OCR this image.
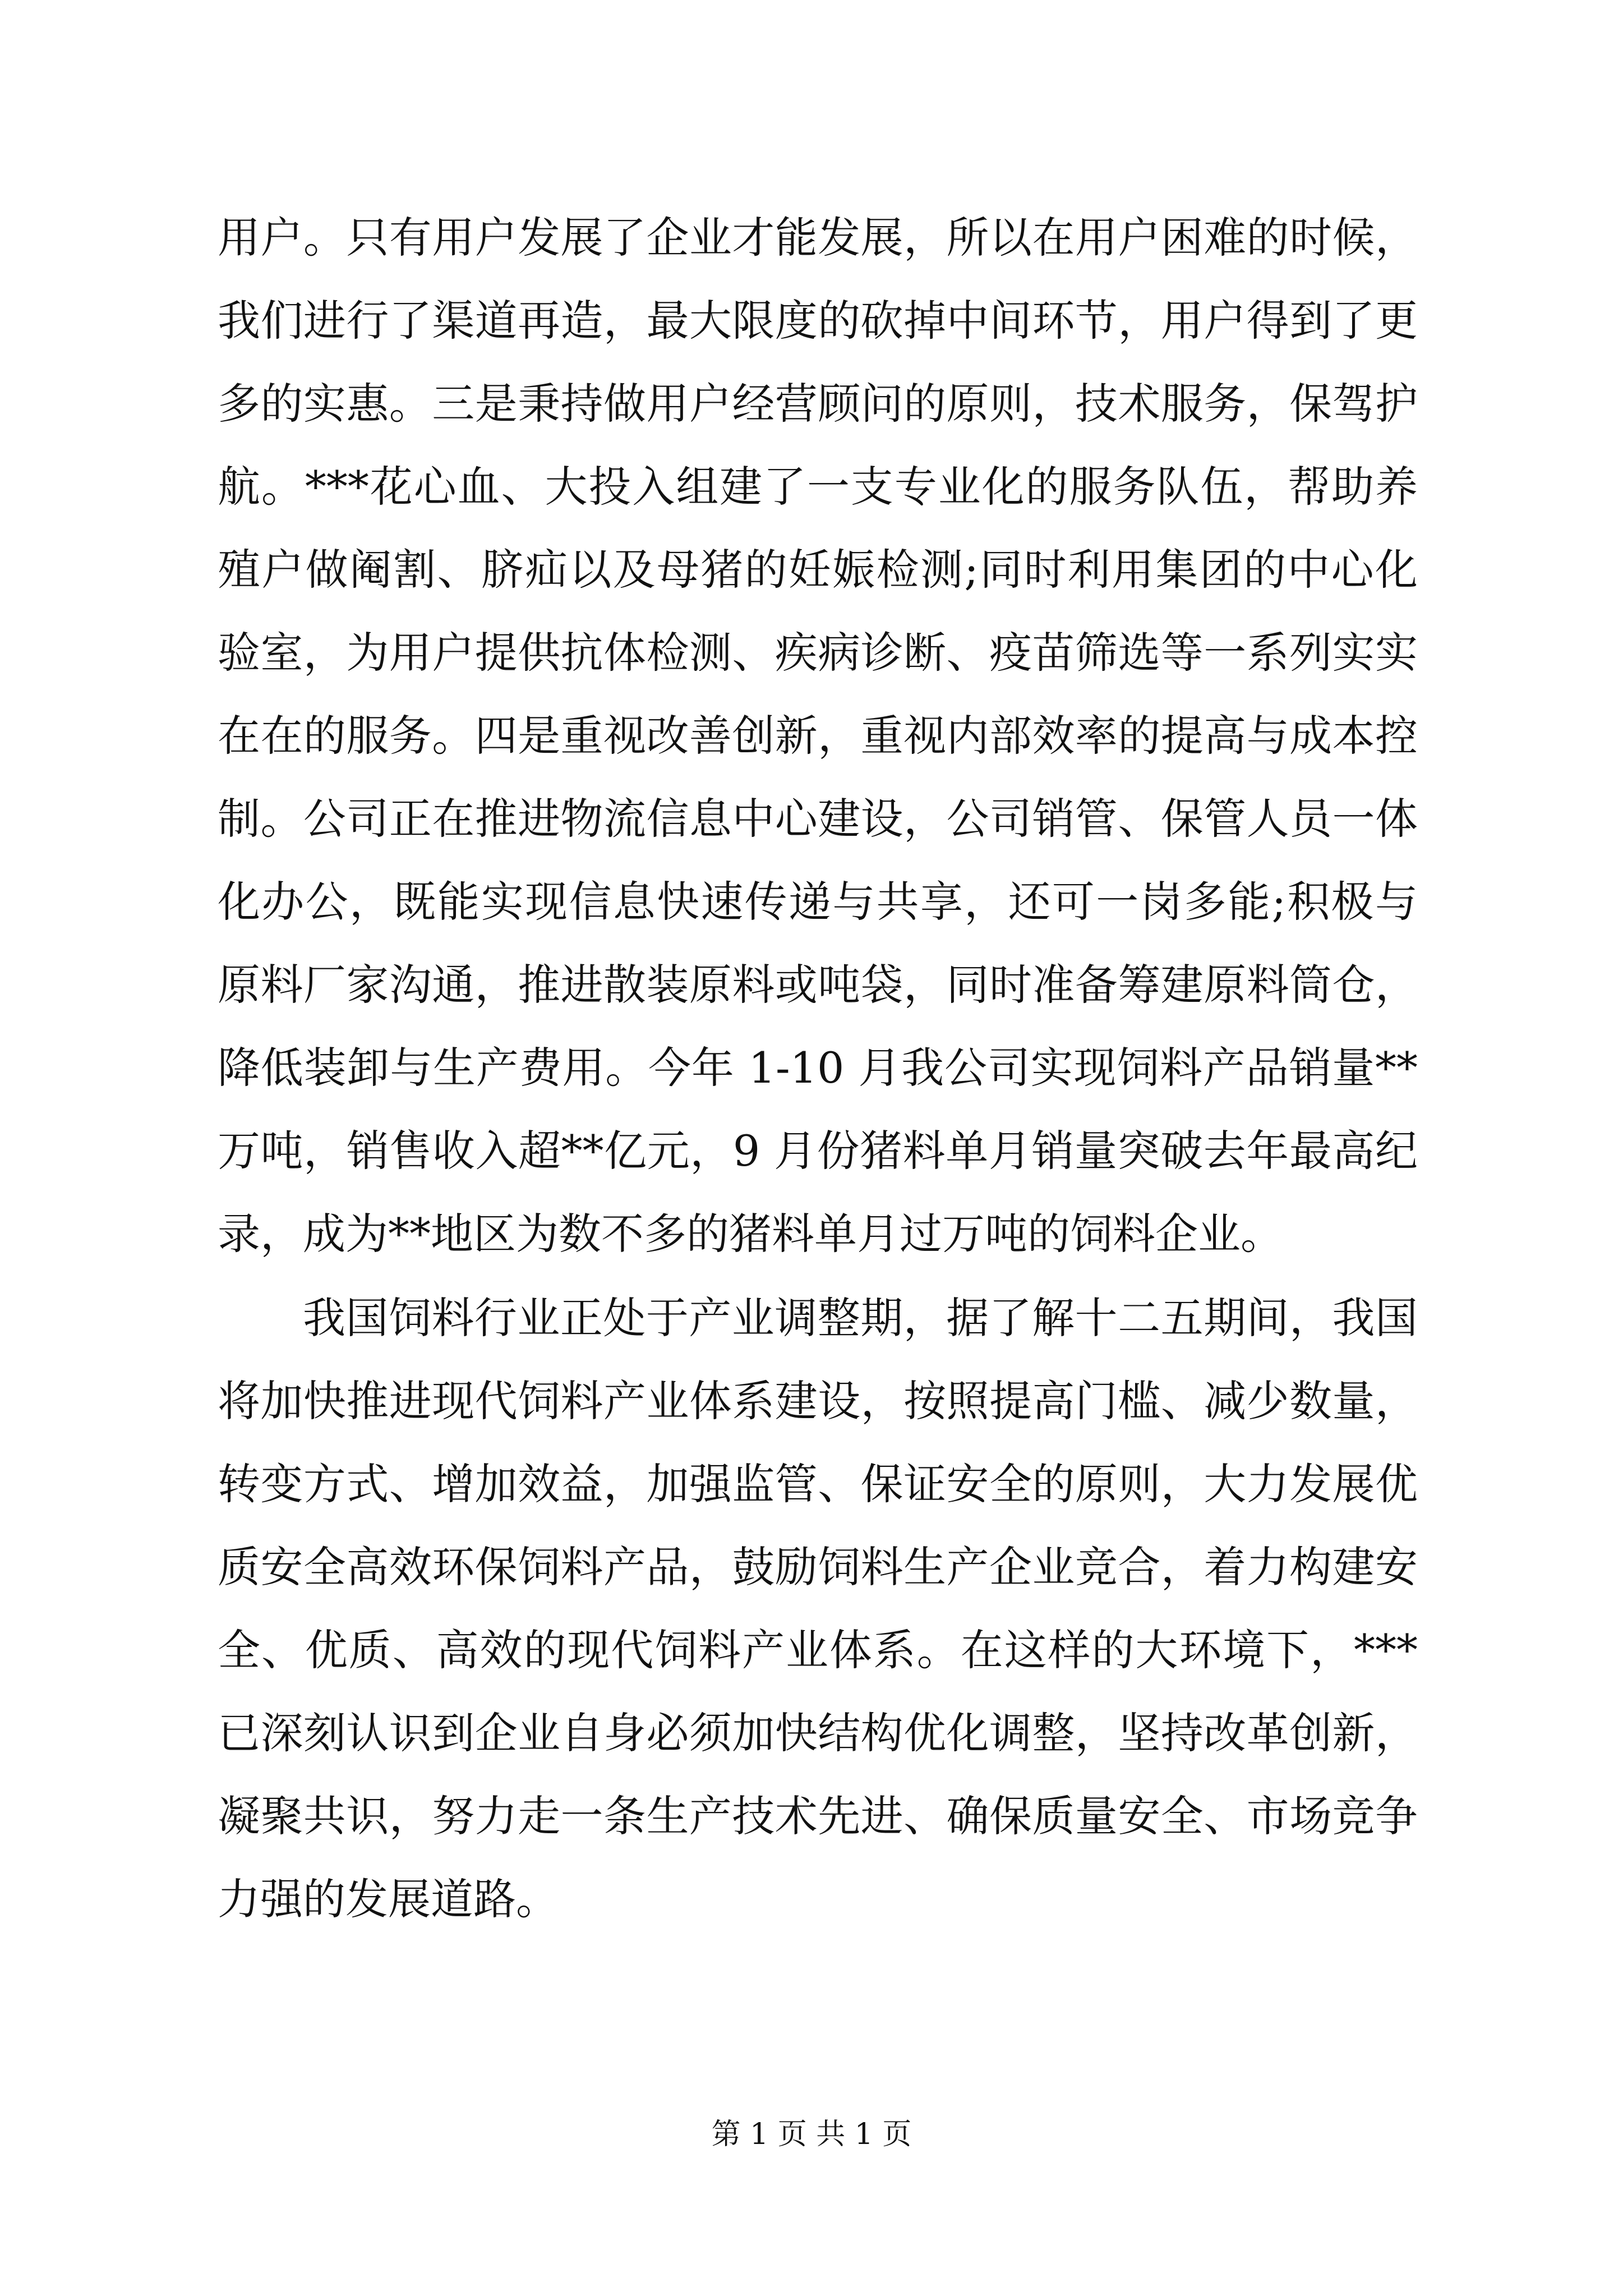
用户。只有用户发展了企业才能发展，所以在用户困难的时候，
我们进行了渠道再造，最大限度的砍掉中间环节，用户得到了更
多的实惠。三是秉持做用户经营顾问的原则，技术服务，保驾护
航。***花心血、大投入组建了一支专业化的服务队伍，帮助养
殖户做阉割、脐疝以及母猪的妊娠检测;同时利用集团的中心化
验室，为用户提供抗体检测、疾病诊断、疫苗筛选等一系列实实
在在的服务。四是重视改善创新，重视内部效率的提高与成本控
制。公司正在推进物流信息中心建设，公司销管、保管人员一体
化办公，既能实现信息快速传递与共享，还可一岗多能;积极与
原料厂家沟通，推进散装原料或吨袋，同时准备筹建原料筒仓，
降低装卸与生产费用。今年 1-10 月我公司实现饲料产品销量**
万吨，销售收入超**亿元，9 月份猪料单月销量突破去年最高纪
录，成为**地区为数不多的猪料单月过万吨的饲料企业。
我国饲料行业正处于产业调整期，据了解十二五期间，我国
将加快推进现代饲料产业体系建设，按照提高门槛、减少数量，
转变方式、增加效益，加强监管、保证安全的原则，大力发展优
质安全高效环保饲料产品，鼓励饲料生产企业竞合，着力构建安
全、优质、高效的现代饲料产业体系。在这样的大环境下，***
已深刻认识到企业自身必须加快结构优化调整，坚持改革创新，
凝聚共识，努力走一条生产技术先进、确保质量安全、市场竞争
力强的发展道路。
第 1 页 共 1 页
